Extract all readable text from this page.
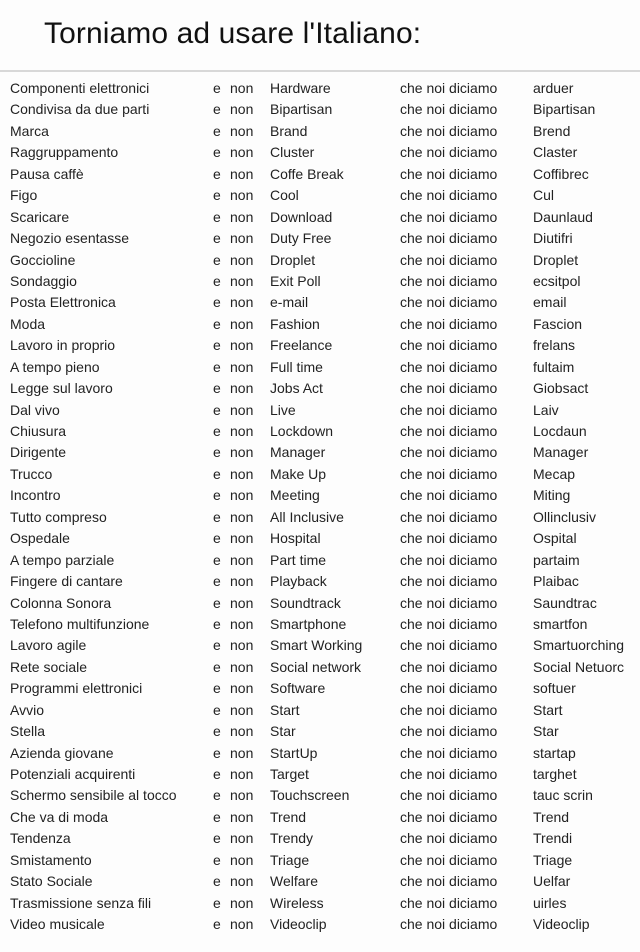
Torniamo ad usare l'Italiano:
Componenti elettronici	e non	Hardware	che noi diciamo	arduer
Condivisa da due parti	e non	Bipartisan	che noi diciamo	Bipartisan
Marca	e non	Brand	che noi diciamo	Brend
Raggruppamento	e non	Cluster	che noi diciamo	Claster
Pausa caffè	e non	Coffe Break	che noi diciamo	Coffibrec
Figo	e non	Cool	che noi diciamo	Cul
Scaricare	e non	Download	che noi diciamo	Daunlaud
Negozio esentasse	e non	Duty Free	che noi diciamo	Diutifri
Goccioline	e non	Droplet	che noi diciamo	Droplet
Sondaggio	e non	Exit Poll	che noi diciamo	ecsitpol
Posta Elettronica	e non	e-mail	che noi diciamo	email
Moda	e non	Fashion	che noi diciamo	Fascion
Lavoro in proprio	e non	Freelance	che noi diciamo	frelans
A tempo pieno	e non	Full time	che noi diciamo	fultaim
Legge sul lavoro	e non	Jobs Act	che noi diciamo	Giobsact
Dal vivo	e non	Live	che noi diciamo	Laiv
Chiusura	e non	Lockdown	che noi diciamo	Locdaun
Dirigente	e non	Manager	che noi diciamo	Manager
Trucco	e non	Make Up	che noi diciamo	Mecap
Incontro	e non	Meeting	che noi diciamo	Miting
Tutto compreso	e non	All Inclusive	che noi diciamo	Ollinclusiv
Ospedale	e non	Hospital	che noi diciamo	Ospital
A tempo parziale	e non	Part time	che noi diciamo	partaim
Fingere di cantare	e non	Playback	che noi diciamo	Plaibac
Colonna Sonora	e non	Soundtrack	che noi diciamo	Saundtrac
Telefono multifunzione	e non	Smartphone	che noi diciamo	smartfon
Lavoro agile	e non	Smart Working	che noi diciamo	Smartuorching
Rete sociale	e non	Social network	che noi diciamo	Social Netuorc
Programmi elettronici	e non	Software	che noi diciamo	softuer
Avvio	e non	Start	che noi diciamo	Start
Stella	e non	Star	che noi diciamo	Star
Azienda giovane	e non	StartUp	che noi diciamo	startap
Potenziali acquirenti	e non	Target	che noi diciamo	targhet
Schermo sensibile al tocco	e non	Touchscreen	che noi diciamo	tauc scrin
Che va di moda	e non	Trend	che noi diciamo	Trend
Tendenza	e non	Trendy	che noi diciamo	Trendi
Smistamento	e non	Triage	che noi diciamo	Triage
Stato Sociale	e non	Welfare	che noi diciamo	Uelfar
Trasmissione senza fili	e non	Wireless	che noi diciamo	uirles
Video musicale	e non	Videoclip	che noi diciamo	Videoclip
